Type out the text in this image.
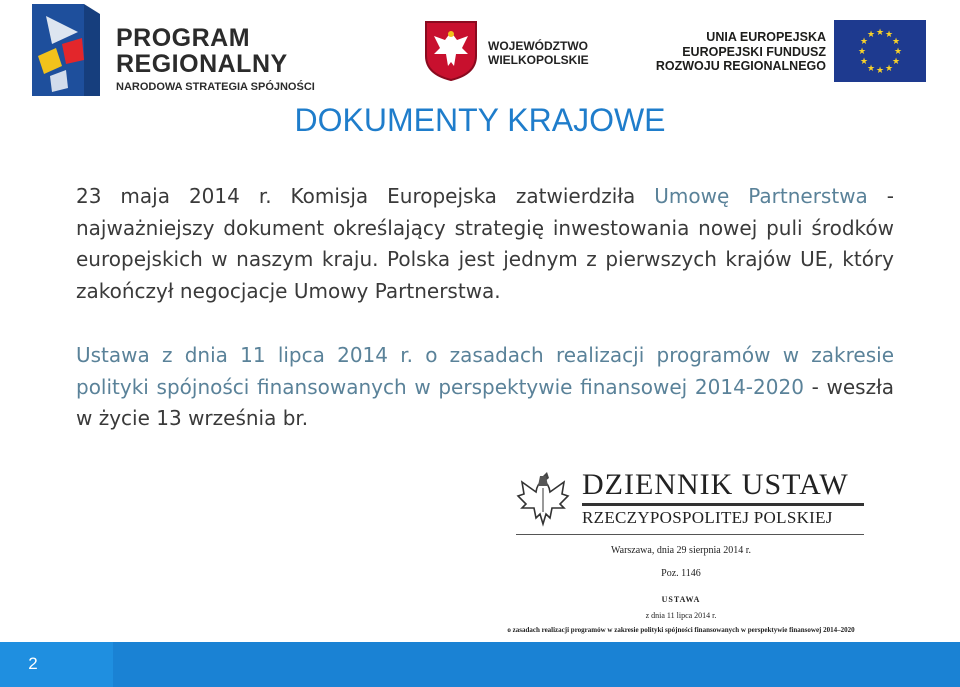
PROGRAM
REGIONALNY
NARODOWA STRATEGIA SPÓJNOŚCI
WOJEWÓDZTWO
WIELKOPOLSKIE
UNIA EUROPEJSKA
EUROPEJSKI FUNDUSZ
ROZWOJU REGIONALNEGO
★ ★
★
★
★
★
★
★
★
★
★
★
DOKUMENTY KRAJOWE
23 maja 2014 r. Komisja Europejska zatwierdziła Umowę Partnerstwa - najważniejszy dokument określający strategię inwestowania nowej puli środków europejskich w naszym kraju. Polska jest jednym z pierwszych krajów UE, który zakończył negocjacje Umowy Partnerstwa.
Ustawa z dnia 11 lipca 2014 r. o zasadach realizacji programów w zakresie polityki spójności finansowanych w perspektywie finansowej 2014-2020 - weszła w życie 13 września br.
DZIENNIK USTAW
RZECZYPOSPOLITEJ POLSKIEJ
Warszawa, dnia 29 sierpnia 2014 r.
Poz. 1146
USTAWA
z dnia 11 lipca 2014 r.
o zasadach realizacji programów w zakresie polityki spójności finansowanych w perspektywie finansowej 2014–2020
2
